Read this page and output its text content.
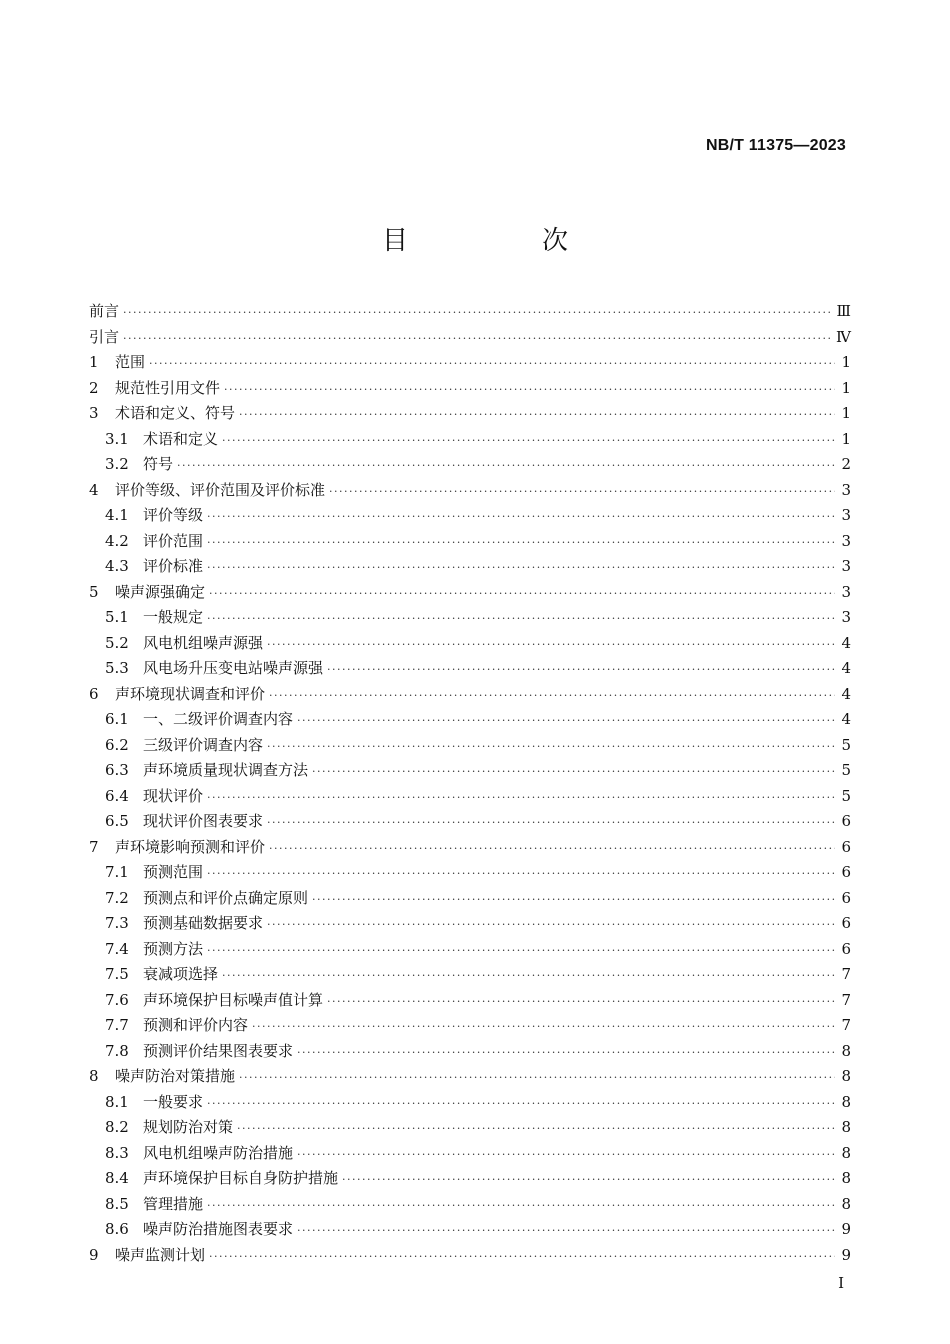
NB/T 11375—2023
目　次
前言 ·····	Ⅲ
引言 ·····	Ⅳ
1	范围 ·····	1
2	规范性引用文件 ·····	1
3	术语和定义、符号 ·····	1
3.1 术语和定义 ·····	1
3.2 符号 ·····	2
4	评价等级、评价范围及评价标准 ·····	3
4.1 评价等级 ·····	3
4.2 评价范围 ·····	3
4.3 评价标准 ·····	3
5	噪声源强确定 ·····	3
5.1 一般规定 ·····	3
5.2 风电机组噪声源强 ·····	4
5.3 风电场升压变电站噪声源强 ·····	4
6	声环境现状调查和评价 ·····	4
6.1 一、二级评价调查内容 ·····	4
6.2 三级评价调查内容 ·····	5
6.3 声环境质量现状调查方法 ·····	5
6.4 现状评价 ·····	5
6.5 现状评价图表要求 ·····	6
7	声环境影响预测和评价 ·····	6
7.1 预测范围 ·····	6
7.2 预测点和评价点确定原则 ·····	6
7.3 预测基础数据要求 ·····	6
7.4 预测方法 ·····	6
7.5 衰减项选择 ·····	7
7.6 声环境保护目标噪声值计算 ·····	7
7.7 预测和评价内容 ·····	7
7.8 预测评价结果图表要求 ·····	8
8	噪声防治对策措施 ·····	8
8.1 一般要求 ·····	8
8.2 规划防治对策 ·····	8
8.3 风电机组噪声防治措施 ·····	8
8.4 声环境保护目标自身防护措施 ·····	8
8.5 管理措施 ·····	8
8.6 噪声防治措施图表要求 ·····	9
9	噪声监测计划 ·····	9
Ⅰ
